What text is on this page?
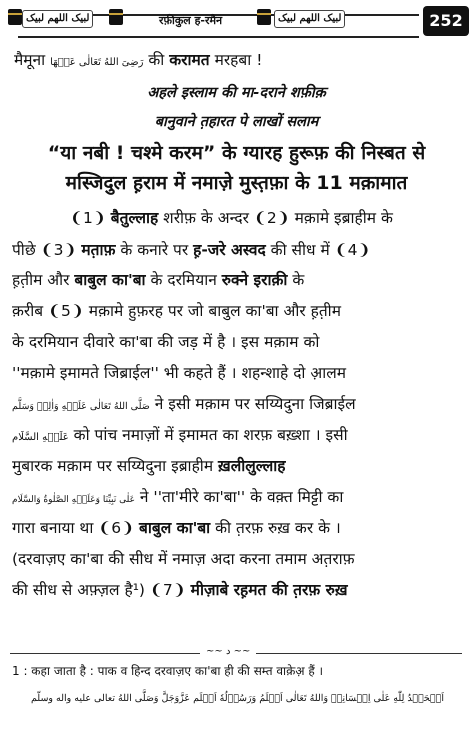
لبیک اللھم لبیک	रफ़ीकुल ह-रमैन	لبیک اللھم لبیک	252
मैमूना رَضِیَ اللهُ تَعَالٰی عَنۡهَا की करामत मरहबा !
अहले इस्लाम की मा-दराने शफ़ीक़
बानुवाने त़हारत पे लाखों सलाम
“या नबी ! चश्मे करम” के ग्यारह हुरूफ़ की निस्बत से
मस्जिदुल ह़राम में नमाज़े मुस्त़फ़ा के 11 मक़ामात
❨1❩ बैतुल्लाह शरीफ़ के अन्दर ❨2❩ मक़ामे इब्राहीम के
पीछे ❨3❩ मत़ाफ़ के कनारे पर ह़-जरे अस्वद की सीध में ❨4❩
ह़त़ीम और बाबुल का'बा के दरमियान रुक्ने इराक़ी के
क़रीब ❨5❩ मक़ामे हुफ़रह पर जो बाबुल का'बा और ह़त़ीम
के दरमियान दीवारे का'बा की जड़ में है । इस मक़ाम को
''मक़ामे इमामते जिब्राईल'' भी कहते हैं । शहन्शाहे दो आ़लम
صَلَّى اللهُ تَعَالٰى عَلَيۡهِ وَاٰلِهٖ وَسَلَّم ने इसी मक़ाम पर सय्यिदुना जिब्राईल
عَلَيۡهِ السَّلَام को पांच नमाज़ों में इमामत का शरफ़ बख़्शा । इसी
मुबारक मक़ाम पर सय्यिदुना इब्राहीम ख़लीलुल्लाह
عَلٰى نَبِيِّنَا وَعَلَيۡهِ الصَّلٰوةُ وَالسَّلَام ने ''ता'मीरे का'बा'' के वक़्त मिट्टी का
गारा बनाया था ❨6❩ बाबुल का'बा की त़रफ़ रुख़ कर के ।
(दरवाज़ए का'बा की सीध में नमाज़ अदा करना तमाम अत़राफ़
की सीध से अफ़्ज़ल है¹) ❨7❩ मीज़ाबे रह़मत की त़रफ़ रुख़
~~ د ~~
1 : कहा जाता है : पाक व हिन्द दरवाज़ए का'बा ही की सम्त वाक़ेअ़ हैं ।
اَلۡحَمۡدُ لِلّٰهِ عَلٰی اِحۡسَانِهٖ وَاللهُ تَعَالٰی اَعۡلَمُ وَرَسُوۡلُهٗ اَعۡلَم عَزَّوَجَلَّ وَصَلَّی اللهُ تعالی عليه واله وسلّم
